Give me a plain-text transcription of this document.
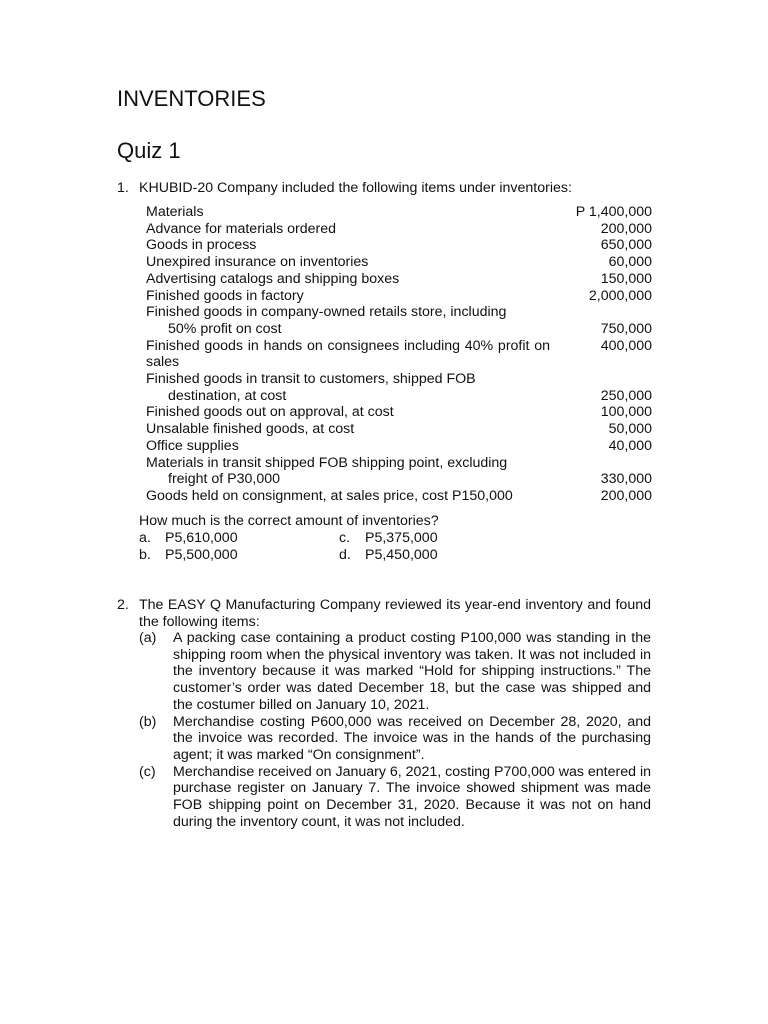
INVENTORIES
Quiz 1
1. KHUBID-20 Company included the following items under inventories:
Materials	P 1,400,000
Advance for materials ordered	200,000
Goods in process	650,000
Unexpired insurance on inventories	60,000
Advertising catalogs and shipping boxes	150,000
Finished goods in factory	2,000,000
Finished goods in company-owned retails store, including
50% profit on cost	750,000
Finished goods in hands on consignees including 40% profit on sales
400,000
Finished goods in transit to customers, shipped FOB
destination, at cost	250,000
Finished goods out on approval, at cost	100,000
Unsalable finished goods, at cost	50,000
Office supplies	40,000
Materials in transit shipped FOB shipping point, excluding
freight of P30,000	330,000
Goods held on consignment, at sales price, cost P150,000	200,000
How much is the correct amount of inventories?
a. P5,610,000	c.	P5,375,000
b. P5,500,000	d. P5,450,000
2. The EASY Q Manufacturing Company reviewed its year-end inventory and found the following items:
(a)	A packing case containing a product costing P100,000 was standing in the shipping room when the physical inventory was taken. It was not included in the inventory because it was marked “Hold for shipping instructions.” The customer’s order was dated December 18, but the case was shipped and the costumer billed on January 10, 2021.
(b)	Merchandise costing P600,000 was received on December 28, 2020, and the invoice was recorded. The invoice was in the hands of the purchasing agent; it was marked “On consignment”.
(c)	Merchandise received on January 6, 2021, costing P700,000 was entered in purchase register on January 7. The invoice showed shipment was made FOB shipping point on December 31, 2020. Because it was not on hand during the inventory count, it was not included.
